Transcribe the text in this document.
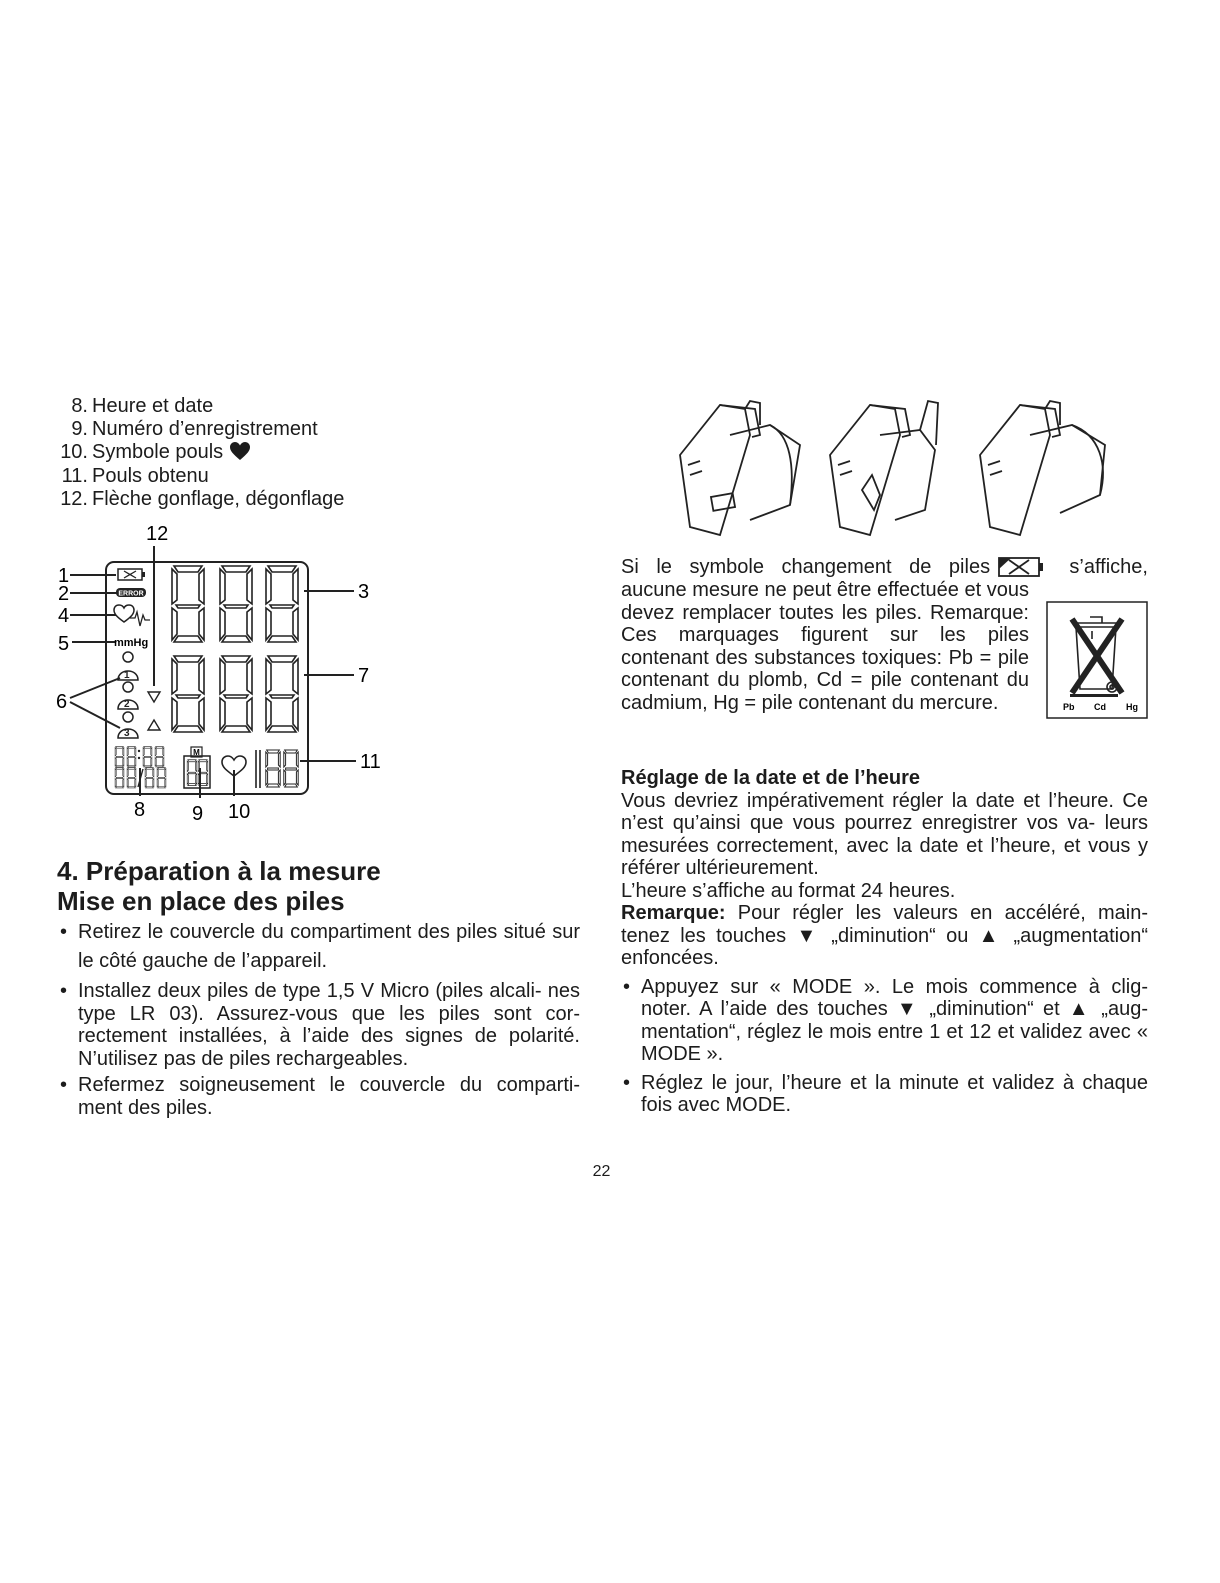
8. Heure et date
9. Numéro d’enregistrement
10. Symbole pouls
11. Pouls obtenu
12. Flèche gonflage, dégonflage
1
2
4
5
6
12
3
7
11
8 9 10
ERROR
mmHg
1
2
3
M
4. Préparation à la mesure
Mise en place des piles
• Retirez le couvercle du compartiment des piles situé sur le côté gauche de l’appareil.
• Installez deux piles de type 1,5 V Micro (piles alcali- nes type LR 03). Assurez-vous que les piles sont cor- rectement installées, à l’aide des signes de polarité. N’utilisez pas de piles rechargeables.
• Refermez soigneusement le couvercle du comparti- ment des piles.
Si le symbole changement de piles	s’affiche,
aucune mesure ne peut être effectuée et vous devez remplacer toutes les piles. Remarque: Ces marquages figurent sur les piles contenant des substances toxiques: Pb = pile contenant du plomb, Cd = pile contenant du cadmium, Hg = pile contenant du mercure.	Pb Cd Hg
Réglage de la date et de l’heure
Vous devriez impérativement régler la date et l’heure. Ce n’est qu’ainsi que vous pourrez enregistrer vos va- leurs mesurées correctement, avec la date et l’heure, et vous y référer ultérieurement.
L’heure s’affiche au format 24 heures.
Remarque: Pour régler les valeurs en accéléré, main- tenez les touches ▼ „diminution“ ou ▲ „augmentation“ enfoncées.
• Appuyez sur « MODE ». Le mois commence à clig- noter. A l’aide des touches ▼ „diminution“ et ▲ „aug- mentation“, réglez le mois entre 1 et 12 et validez avec « MODE ».
• Réglez le jour, l’heure et la minute et validez à chaque fois avec MODE.
22
